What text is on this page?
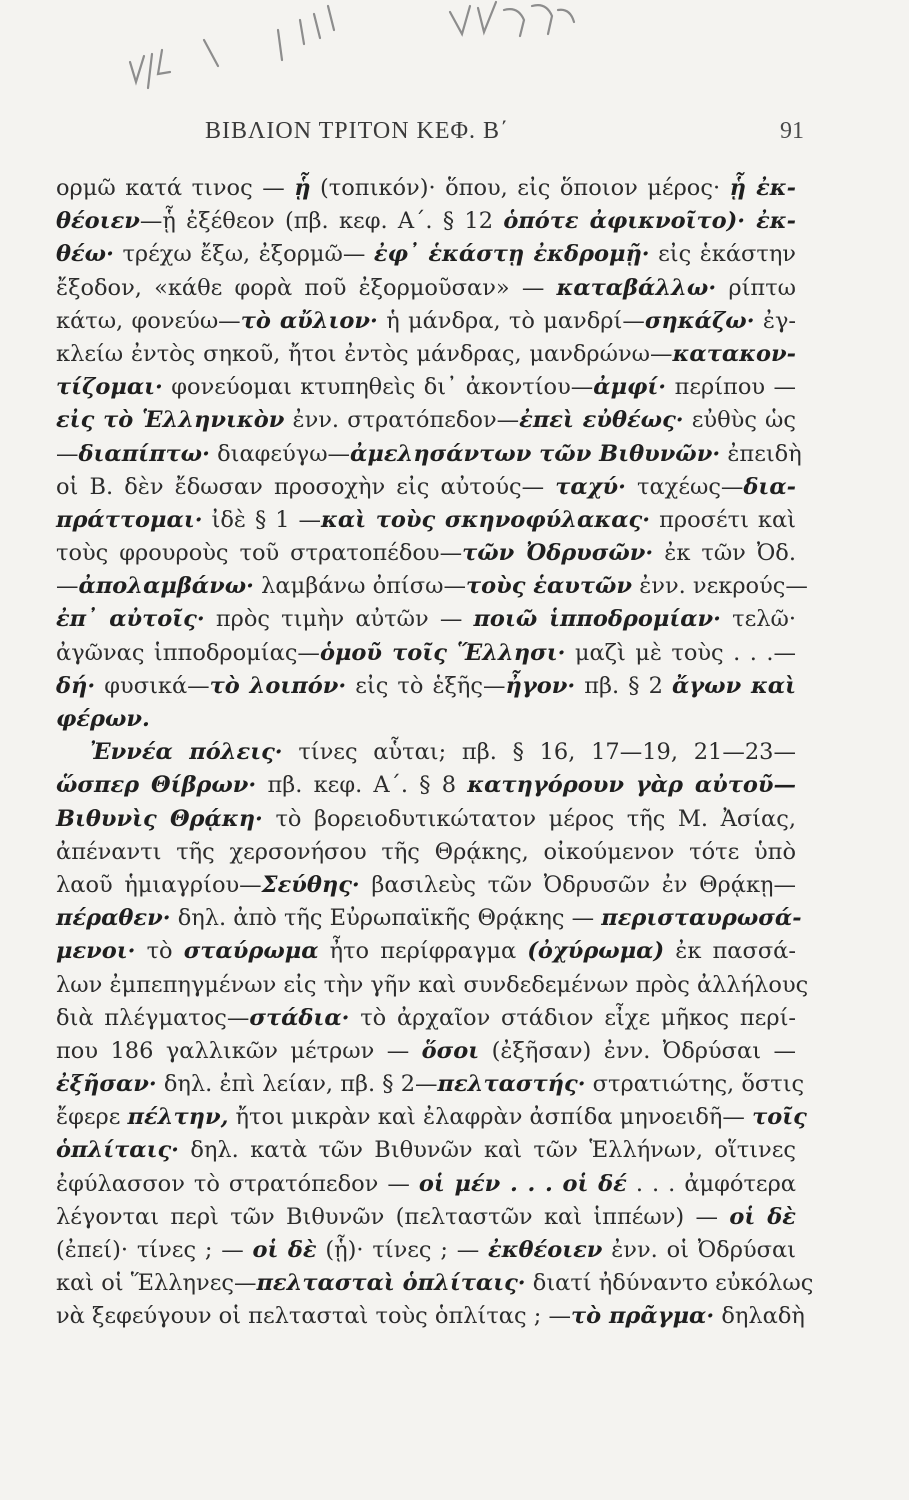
ΒΙΒΛΙΟΝ ΤΡΙΤΟΝ ΚΕΦ. Β΄	91
ορμῶ κατά τινος — ᾗ (τοπικόν)· ὅπου, εἰς ὅποιον μέρος· ᾗ ἐκ-
θέοιεν—ᾗ ἐξέθεον (πβ. κεφ. Α΄. § 12 ὁπότε ἀφικνοῖτο)· ἐκ-
θέω· τρέχω ἔξω, ἐξορμῶ— ἐφ᾽ ἑκάστῃ ἐκδρομῇ· εἰς ἑκάστην
ἔξοδον, «κάθε φορὰ ποῦ ἐξορμοῦσαν» — καταβάλλω· ρίπτω
κάτω, φονεύω—τὸ αὔλιον· ἡ μάνδρα, τὸ μανδρί—σηκάζω· ἐγ-
κλείω ἐντὸς σηκοῦ, ἤτοι ἐντὸς μάνδρας, μανδρώνω—κατακον-
τίζομαι· φονεύομαι κτυπηθεὶς δι᾽ ἀκοντίου—ἀμφί· περίπου —
εἰς τὸ Ἑλληνικὸν ἐνν. στρατόπεδον—ἐπεὶ εὐθέως· εὐθὺς ὡς
—διαπίπτω· διαφεύγω—ἀμελησάντων τῶν Βιθυνῶν· ἐπειδὴ
οἱ Β. δὲν ἔδωσαν προσοχὴν εἰς αὐτούς— ταχύ· ταχέως—δια-
πράττομαι· ἰδὲ § 1 —καὶ τοὺς σκηνοφύλακας· προσέτι καὶ
τοὺς φρουροὺς τοῦ στρατοπέδου—τῶν Ὀδρυσῶν· ἐκ τῶν Ὀδ.
—ἀπολαμβάνω· λαμβάνω ὀπίσω—τοὺς ἑαυτῶν ἐνν. νεκρούς—
ἐπ᾽ αὐτοῖς· πρὸς τιμὴν αὐτῶν — ποιῶ ἱπποδρομίαν· τελῶ·
ἀγῶνας ἱπποδρομίας—ὁμοῦ τοῖς Ἕλλησι· μαζὶ μὲ τοὺς . . .—
δή· φυσικά—τὸ λοιπόν· εἰς τὸ ἑξῆς—ἦγον· πβ. § 2 ἄγων καὶ
φέρων.
Ἐννέα πόλεις· τίνες αὗται; πβ. § 16, 17—19, 21—23—
ὥσπερ Θίβρων· πβ. κεφ. Α΄. § 8 κατηγόρουν γὰρ αὐτοῦ—
Βιθυνὶς Θρᾴκη· τὸ βορειοδυτικώτατον μέρος τῆς Μ. Ἀσίας,
ἀπέναντι τῆς χερσονήσου τῆς Θρᾴκης, οἰκούμενον τότε ὑπὸ
λαοῦ ἡμιαγρίου—Σεύθης· βασιλεὺς τῶν Ὀδρυσῶν ἐν Θρᾴκῃ—
πέραθεν· δηλ. ἀπὸ τῆς Εὐρωπαϊκῆς Θρᾴκης — περισταυρωσά-
μενοι· τὸ σταύρωμα ἦτο περίφραγμα (ὀχύρωμα) ἐκ πασσά-
λων ἐμπεπηγμένων εἰς τὴν γῆν καὶ συνδεδεμένων πρὸς ἀλλήλους
διὰ πλέγματος—στάδια· τὸ ἀρχαῖον στάδιον εἶχε μῆκος περί-
που 186 γαλλικῶν μέτρων — ὅσοι (ἐξῆσαν) ἐνν. Ὀδρύσαι —
ἐξῆσαν· δηλ. ἐπὶ λείαν, πβ. § 2—πελταστής· στρατιώτης, ὅστις
ἔφερε πέλτην, ἤτοι μικρὰν καὶ ἐλαφρὰν ἀσπίδα μηνοειδῆ— τοῖς
ὁπλίταις· δηλ. κατὰ τῶν Βιθυνῶν καὶ τῶν Ἑλλήνων, οἵτινες
ἐφύλασσον τὸ στρατόπεδον — οἱ μέν . . . οἱ δέ . . . ἀμφότερα
λέγονται περὶ τῶν Βιθυνῶν (πελταστῶν καὶ ἱππέων) — οἱ δὲ
(ἐπεί)· τίνες ; — οἱ δὲ (ᾗ)· τίνες ; — ἐκθέοιεν ἐνν. οἱ Ὀδρύσαι
καὶ οἱ Ἕλληνες—πελτασταὶ ὁπλίταις· διατί ἠδύναντο εὐκόλως
νὰ ξεφεύγουν οἱ πελτασταὶ τοὺς ὁπλίτας ; —τὸ πρᾶγμα· δηλαδὴ
